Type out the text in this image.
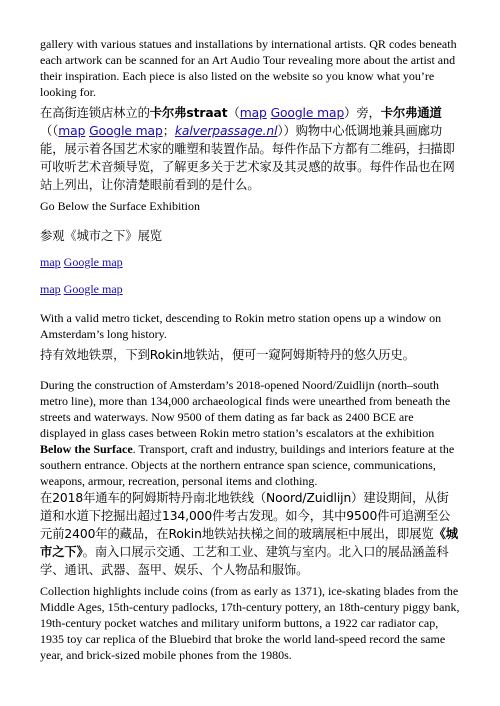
gallery with various statues and installations by international artists. QR codes beneath each artwork can be scanned for an Art Audio Tour revealing more about the artist and their inspiration. Each piece is also listed on the website so you know what you’re looking for.

在高街连锁店林立的卡尔弗straat（map Google map）旁，卡尔弗通道
（（map Google map；kalverpassage.nl））购物中心低调地兼具画廊功能，展示着各国艺术家的雕塑和装置作品。每件作品下方都有二维码，扫描即可收听艺术音频导览，了解更多关于艺术家及其灵感的故事。每件作品也在网站上列出，让你清楚眼前看到的是什么。

Go Below the Surface Exhibition

参观《城市之下》展览

map Google map

map Google map

With a valid metro ticket, descending to Rokin metro station opens up a window on Amsterdam’s long history.

持有效地铁票，下到Rokin地铁站，便可一窥阿姆斯特丹的悠久历史。

During the construction of Amsterdam’s 2018-opened Noord/Zuidlijn (north–south metro line), more than 134,000 archaeological finds were unearthed from beneath the streets and waterways. Now 9500 of them dating as far back as 2400 BCE are displayed in glass cases between Rokin metro station’s escalators at the exhibition Below the Surface. Transport, craft and industry, buildings and interiors feature at the southern entrance. Objects at the northern entrance span science, communications, weapons, armour, recreation, personal items and clothing.

在2018年通车的阿姆斯特丹南北地铁线（Noord/Zuidlijn）建设期间，从街道和水道下挖掘出超过134,000件考古发现。如今，其中9500件可追溯至公元前2400年的藏品，在Rokin地铁站扶梯之间的玻璃展柜中展出，即展览《城市之下》。南入口展示交通、工艺和工业、建筑与室内。北入口的展品涵盖科学、通讯、武器、盔甲、娱乐、个人物品和服饰。

Collection highlights include coins (from as early as 1371), ice-skating blades from the Middle Ages, 15th-century padlocks, 17th-century pottery, an 18th-century piggy bank, 19th-century pocket watches and military uniform buttons, a 1922 car radiator cap, 1935 toy car replica of the Bluebird that broke the world land-speed record the same year, and brick-sized mobile phones from the 1980s.
